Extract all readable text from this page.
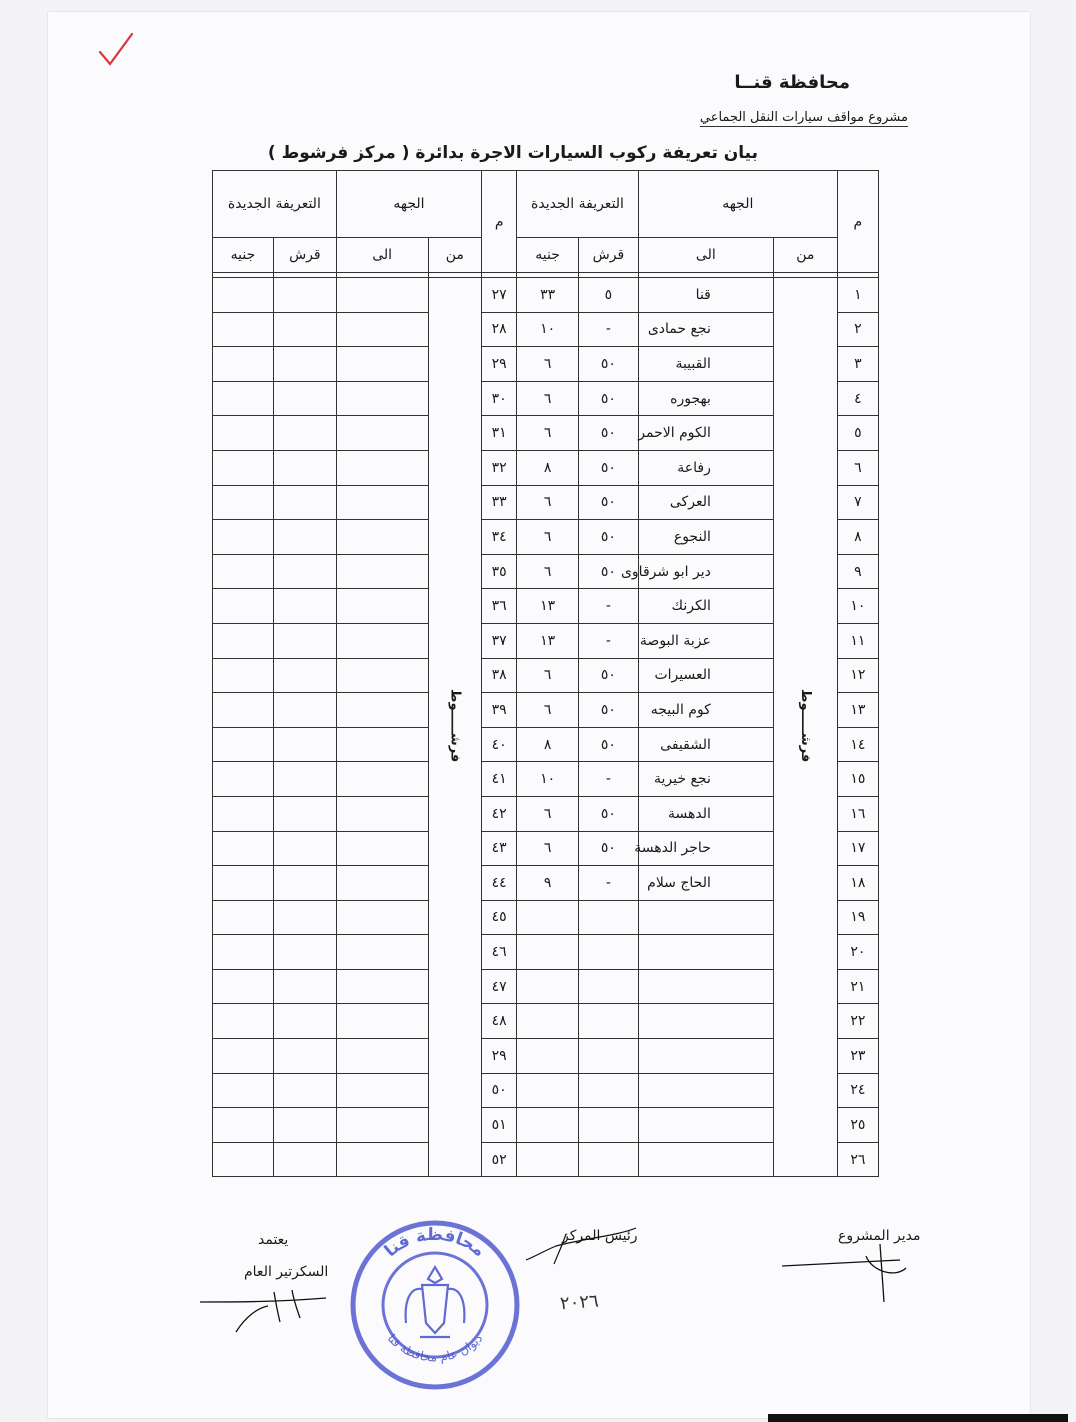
محافظة قنــا
مشروع مواقف سيارات النقل الجماعي
بيان تعريفة ركوب السيارات الاجرة بدائرة ( مركز فرشوط )
م	الجهه		التعريفة الجديدة		م	الجهه		التعريفة الجديدة	
	من	الى	قرش	جنيه		من	الى	قرش	جنيه

١	فرشـــــوط	قنا	٥	٣٣	٢٧	فرشـــــوط			
٢		نجع حمادى	-	١٠	٢٨				
٣		القبيبة	٥٠	٦	٢٩				
٤		بهجوره	٥٠	٦	٣٠				
٥		الكوم الاحمر	٥٠	٦	٣١				
٦		رفاعة	٥٠	٨	٣٢				
٧		العركى	٥٠	٦	٣٣				
٨		النجوع	٥٠	٦	٣٤				
٩		دير ابو شرقاوى	٥٠	٦	٣٥				
١٠		الكرنك	-	١٣	٣٦				
١١		عزبة البوصة	-	١٣	٣٧				
١٢		العسيرات	٥٠	٦	٣٨				
١٣		كوم البيجه	٥٠	٦	٣٩				
١٤		الشقيفى	٥٠	٨	٤٠				
١٥		نجع خيرية	-	١٠	٤١				
١٦		الدهسة	٥٠	٦	٤٢				
١٧		حاجر الدهسة	٥٠	٦	٤٣				
١٨		الحاج سلام	-	٩	٤٤				
١٩					٤٥				
٢٠					٤٦				
٢١					٤٧				
٢٢					٤٨				
٢٣					٢٩				
٢٤					٥٠				
٢٥					٥١				
٢٦					٥٢				
مدير المشروع
رئيس المركز
يعتمد
السكرتير العام
٢٠٢٦
محافظة قنا
ديوان عام محافظة قنا
